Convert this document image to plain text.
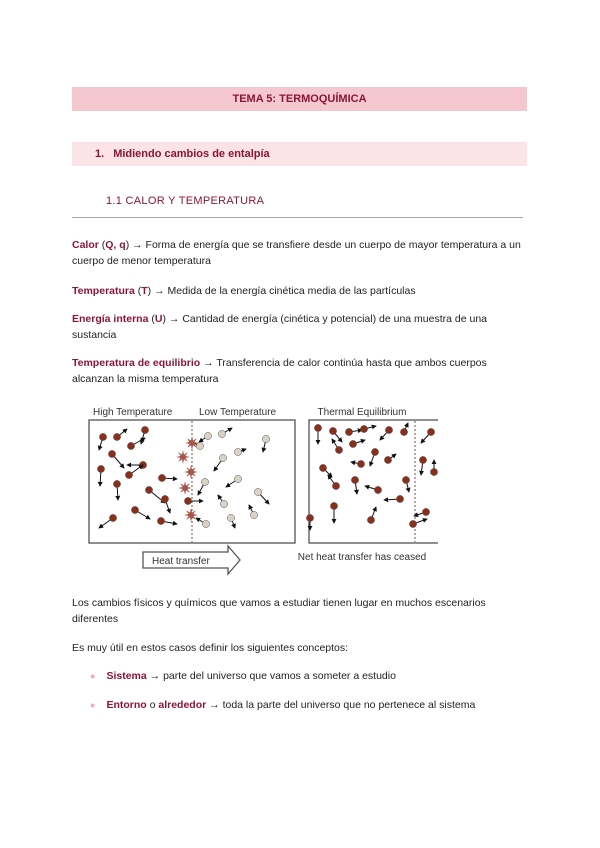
TEMA 5: TERMOQUÍMICA
1. Midiendo cambios de entalpía
1.1 CALOR Y TEMPERATURA
Calor (Q, q) → Forma de energía que se transfiere desde un cuerpo de mayor temperatura a un cuerpo de menor temperatura
Temperatura (T) → Medida de la energía cinética media de las partículas
Energía interna (U) → Cantidad de energía (cinética y potencial) de una muestra de una sustancia
Temperatura de equilibrio → Transferencia de calor continúa hasta que ambos cuerpos alcanzan la misma temperatura
High Temperature	Low Temperature	Thermal Equilibrium
Heat transfer	Net heat transfer has ceased
Los cambios físicos y químicos que vamos a estudiar tienen lugar en muchos escenarios diferentes
Es muy útil en estos casos definir los siguientes conceptos:
● Sistema → parte del universo que vamos a someter a estudio
● Entorno o alrededor → toda la parte del universo que no pertenece al sistema
